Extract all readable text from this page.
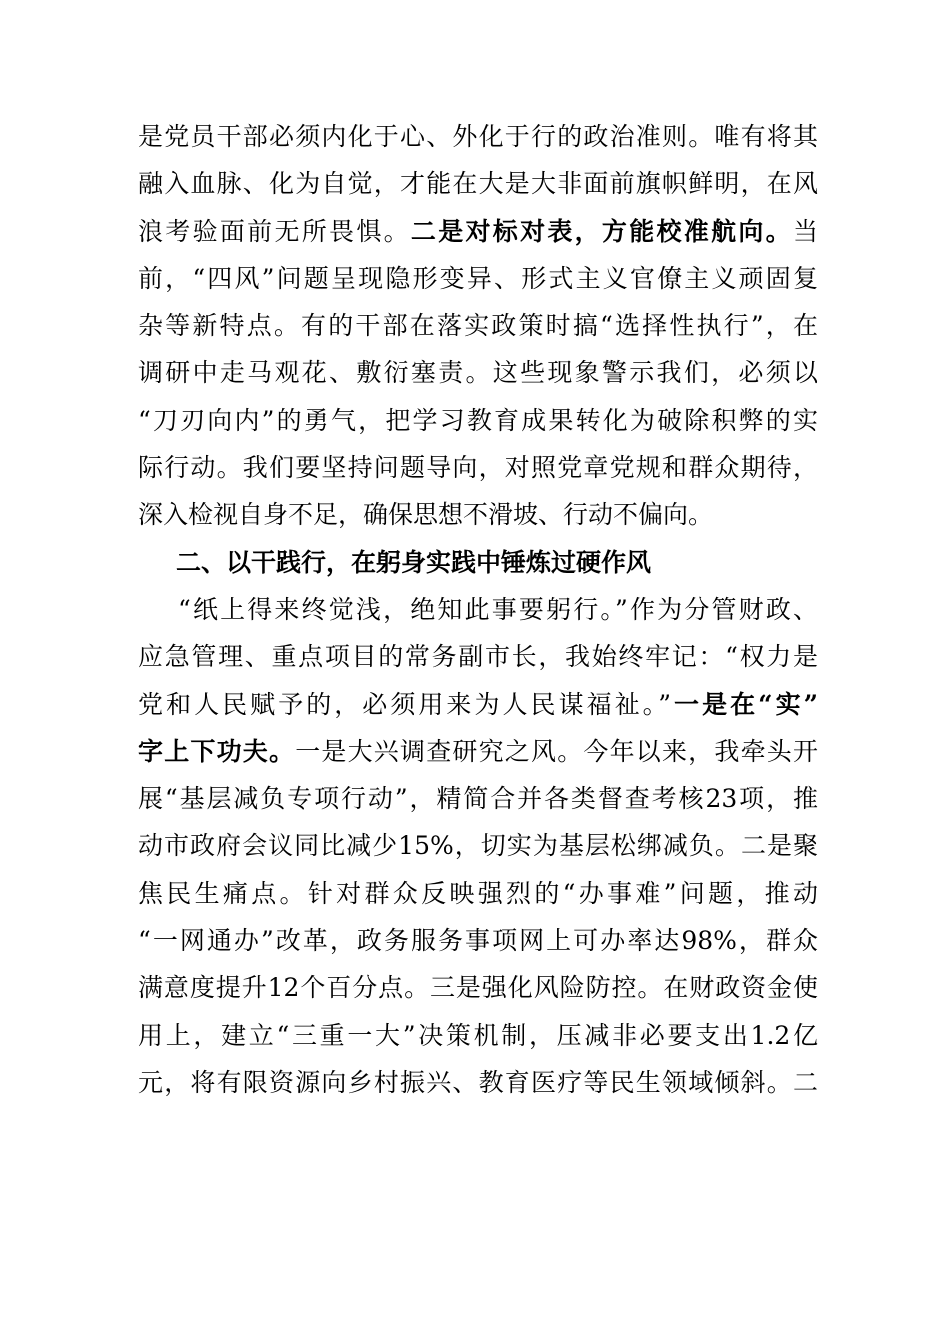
是党员干部必须内化于心、外化于行的政治准则。唯有将其
融入血脉、化为自觉，才能在大是大非面前旗帜鲜明，在风
浪考验面前无所畏惧。二是对标对表，方能校准航向。当
前，“四风”问题呈现隐形变异、形式主义官僚主义顽固复
杂等新特点。有的干部在落实政策时搞“选择性执行”，在
调研中走马观花、敷衍塞责。这些现象警示我们，必须以
“刀刃向内”的勇气，把学习教育成果转化为破除积弊的实
际行动。我们要坚持问题导向，对照党章党规和群众期待，
深入检视自身不足，确保思想不滑坡、行动不偏向。
二、以干践行，在躬身实践中锤炼过硬作风
“纸上得来终觉浅，绝知此事要躬行。”作为分管财政、
应急管理、重点项目的常务副市长，我始终牢记：“权力是
党和人民赋予的，必须用来为人民谋福祉。”一是在“实”
字上下功夫。一是大兴调查研究之风。今年以来，我牵头开
展“基层减负专项行动”，精简合并各类督查考核23项，推
动市政府会议同比减少15%，切实为基层松绑减负。二是聚
焦民生痛点。针对群众反映强烈的“办事难”问题，推动
“一网通办”改革，政务服务事项网上可办率达98%，群众
满意度提升12个百分点。三是强化风险防控。在财政资金使
用上，建立“三重一大”决策机制，压减非必要支出1.2亿
元，将有限资源向乡村振兴、教育医疗等民生领域倾斜。二
